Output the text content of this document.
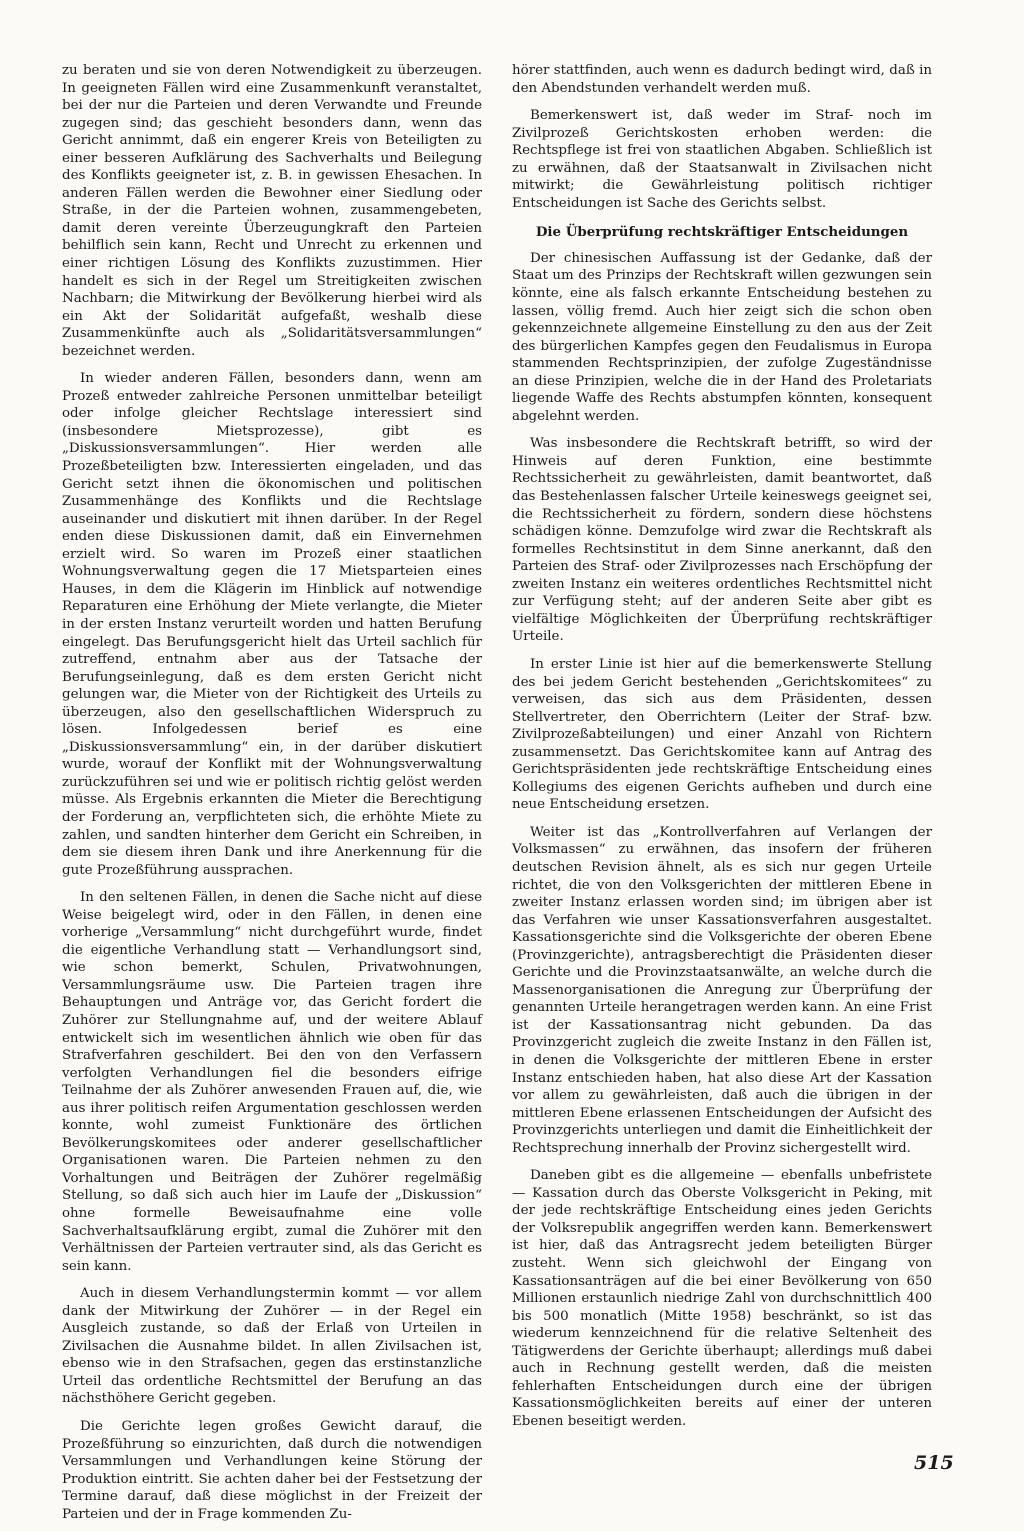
zu beraten und sie von deren Notwendigkeit zu überzeugen. In geeigneten Fällen wird eine Zusammenkunft veranstaltet, bei der nur die Parteien und deren Verwandte und Freunde zugegen sind; das geschieht besonders dann, wenn das Gericht annimmt, daß ein engerer Kreis von Beteiligten zu einer besseren Aufklärung des Sachverhalts und Beilegung des Konflikts geeigneter ist, z. B. in gewissen Ehesachen. In anderen Fällen werden die Bewohner einer Siedlung oder Straße, in der die Parteien wohnen, zusammengebeten, damit deren vereinte Überzeugungkraft den Parteien behilflich sein kann, Recht und Unrecht zu erkennen und einer richtigen Lösung des Konflikts zuzustimmen. Hier handelt es sich in der Regel um Streitigkeiten zwischen Nachbarn; die Mitwirkung der Bevölkerung hierbei wird als ein Akt der Solidarität aufgefaßt, weshalb diese Zusammenkünfte auch als „Solidaritätsversammlungen“ bezeichnet werden.

In wieder anderen Fällen, besonders dann, wenn am Prozeß entweder zahlreiche Personen unmittelbar beteiligt oder infolge gleicher Rechtslage interessiert sind (insbesondere Mietsprozesse), gibt es „Diskussionsversammlungen“. Hier werden alle Prozeßbeteiligten bzw. Interessierten eingeladen, und das Gericht setzt ihnen die ökonomischen und politischen Zusammenhänge des Konflikts und die Rechtslage auseinander und diskutiert mit ihnen darüber. In der Regel enden diese Diskussionen damit, daß ein Einvernehmen erzielt wird. So waren im Prozeß einer staatlichen Wohnungsverwaltung gegen die 17 Mietsparteien eines Hauses, in dem die Klägerin im Hinblick auf notwendige Reparaturen eine Erhöhung der Miete verlangte, die Mieter in der ersten Instanz verurteilt worden und hatten Berufung eingelegt. Das Berufungsgericht hielt das Urteil sachlich für zutreffend, entnahm aber aus der Tatsache der Berufungseinlegung, daß es dem ersten Gericht nicht gelungen war, die Mieter von der Richtigkeit des Urteils zu überzeugen, also den gesellschaftlichen Widerspruch zu lösen. Infolgedessen berief es eine „Diskussionsversammlung“ ein, in der darüber diskutiert wurde, worauf der Konflikt mit der Wohnungsverwaltung zurückzuführen sei und wie er politisch richtig gelöst werden müsse. Als Ergebnis erkannten die Mieter die Berechtigung der Forderung an, verpflichteten sich, die erhöhte Miete zu zahlen, und sandten hinterher dem Gericht ein Schreiben, in dem sie diesem ihren Dank und ihre Anerkennung für die gute Prozeßführung aussprachen.

In den seltenen Fällen, in denen die Sache nicht auf diese Weise beigelegt wird, oder in den Fällen, in denen eine vorherige „Versammlung“ nicht durchgeführt wurde, findet die eigentliche Verhandlung statt — Verhandlungsort sind, wie schon bemerkt, Schulen, Privatwohnungen, Versammlungsräume usw. Die Parteien tragen ihre Behauptungen und Anträge vor, das Gericht fordert die Zuhörer zur Stellungnahme auf, und der weitere Ablauf entwickelt sich im wesentlichen ähnlich wie oben für das Strafverfahren geschildert. Bei den von den Verfassern verfolgten Verhandlungen fiel die besonders eifrige Teilnahme der als Zuhörer anwesenden Frauen auf, die, wie aus ihrer politisch reifen Argumentation geschlossen werden konnte, wohl zumeist Funktionäre des örtlichen Bevölkerungskomitees oder anderer gesellschaftlicher Organisationen waren. Die Parteien nehmen zu den Vorhaltungen und Beiträgen der Zuhörer regelmäßig Stellung, so daß sich auch hier im Laufe der „Diskussion“ ohne formelle Beweisaufnahme eine volle Sachverhaltsaufklärung ergibt, zumal die Zuhörer mit den Verhältnissen der Parteien vertrauter sind, als das Gericht es sein kann.

Auch in diesem Verhandlungstermin kommt — vor allem dank der Mitwirkung der Zuhörer — in der Regel ein Ausgleich zustande, so daß der Erlaß von Urteilen in Zivilsachen die Ausnahme bildet. In allen Zivilsachen ist, ebenso wie in den Strafsachen, gegen das erstinstanzliche Urteil das ordentliche Rechtsmittel der Berufung an das nächsthöhere Gericht gegeben.

Die Gerichte legen großes Gewicht darauf, die Prozeßführung so einzurichten, daß durch die notwendigen Versammlungen und Verhandlungen keine Störung der Produktion eintritt. Sie achten daher bei der Festsetzung der Termine darauf, daß diese möglichst in der Freizeit der Parteien und der in Frage kommenden Zu-

hörer stattfinden, auch wenn es dadurch bedingt wird, daß in den Abendstunden verhandelt werden muß.

Bemerkenswert ist, daß weder im Straf- noch im Zivilprozeß Gerichtskosten erhoben werden: die Rechtspflege ist frei von staatlichen Abgaben. Schließlich ist zu erwähnen, daß der Staatsanwalt in Zivilsachen nicht mitwirkt; die Gewährleistung politisch richtiger Entscheidungen ist Sache des Gerichts selbst.

Die Überprüfung rechtskräftiger Entscheidungen

Der chinesischen Auffassung ist der Gedanke, daß der Staat um des Prinzips der Rechtskraft willen gezwungen sein könnte, eine als falsch erkannte Entscheidung bestehen zu lassen, völlig fremd. Auch hier zeigt sich die schon oben gekennzeichnete allgemeine Einstellung zu den aus der Zeit des bürgerlichen Kampfes gegen den Feudalismus in Europa stammenden Rechtsprinzipien, der zufolge Zugeständnisse an diese Prinzipien, welche die in der Hand des Proletariats liegende Waffe des Rechts abstumpfen könnten, konsequent abgelehnt werden.

Was insbesondere die Rechtskraft betrifft, so wird der Hinweis auf deren Funktion, eine bestimmte Rechtssicherheit zu gewährleisten, damit beantwortet, daß das Bestehenlassen falscher Urteile keineswegs geeignet sei, die Rechtssicherheit zu fördern, sondern diese höchstens schädigen könne. Demzufolge wird zwar die Rechtskraft als formelles Rechtsinstitut in dem Sinne anerkannt, daß den Parteien des Straf- oder Zivilprozesses nach Erschöpfung der zweiten Instanz ein weiteres ordentliches Rechtsmittel nicht zur Verfügung steht; auf der anderen Seite aber gibt es vielfältige Möglichkeiten der Überprüfung rechtskräftiger Urteile.

In erster Linie ist hier auf die bemerkenswerte Stellung des bei jedem Gericht bestehenden „Gerichtskomitees“ zu verweisen, das sich aus dem Präsidenten, dessen Stellvertreter, den Oberrichtern (Leiter der Straf- bzw. Zivilprozeßabteilungen) und einer Anzahl von Richtern zusammensetzt. Das Gerichtskomitee kann auf Antrag des Gerichtspräsidenten jede rechtskräftige Entscheidung eines Kollegiums des eigenen Gerichts aufheben und durch eine neue Entscheidung ersetzen.

Weiter ist das „Kontrollverfahren auf Verlangen der Volksmassen“ zu erwähnen, das insofern der früheren deutschen Revision ähnelt, als es sich nur gegen Urteile richtet, die von den Volksgerichten der mittleren Ebene in zweiter Instanz erlassen worden sind; im übrigen aber ist das Verfahren wie unser Kassationsverfahren ausgestaltet. Kassationsgerichte sind die Volksgerichte der oberen Ebene (Provinzgerichte), antragsberechtigt die Präsidenten dieser Gerichte und die Provinzstaatsanwälte, an welche durch die Massenorganisationen die Anregung zur Überprüfung der genannten Urteile herangetragen werden kann. An eine Frist ist der Kassationsantrag nicht gebunden. Da das Provinzgericht zugleich die zweite Instanz in den Fällen ist, in denen die Volksgerichte der mittleren Ebene in erster Instanz entschieden haben, hat also diese Art der Kassation vor allem zu gewährleisten, daß auch die übrigen in der mittleren Ebene erlassenen Entscheidungen der Aufsicht des Provinzgerichts unterliegen und damit die Einheitlichkeit der Rechtsprechung innerhalb der Provinz sichergestellt wird.

Daneben gibt es die allgemeine — ebenfalls unbefristete — Kassation durch das Oberste Volksgericht in Peking, mit der jede rechtskräftige Entscheidung eines jeden Gerichts der Volksrepublik angegriffen werden kann. Bemerkenswert ist hier, daß das Antragsrecht jedem beteiligten Bürger zusteht. Wenn sich gleichwohl der Eingang von Kassationsanträgen auf die bei einer Bevölkerung von 650 Millionen erstaunlich niedrige Zahl von durchschnittlich 400 bis 500 monatlich (Mitte 1958) beschränkt, so ist das wiederum kennzeichnend für die relative Seltenheit des Tätigwerdens der Gerichte überhaupt; allerdings muß dabei auch in Rechnung gestellt werden, daß die meisten fehlerhaften Entscheidungen durch eine der übrigen Kassationsmöglichkeiten bereits auf einer der unteren Ebenen beseitigt werden.

515
